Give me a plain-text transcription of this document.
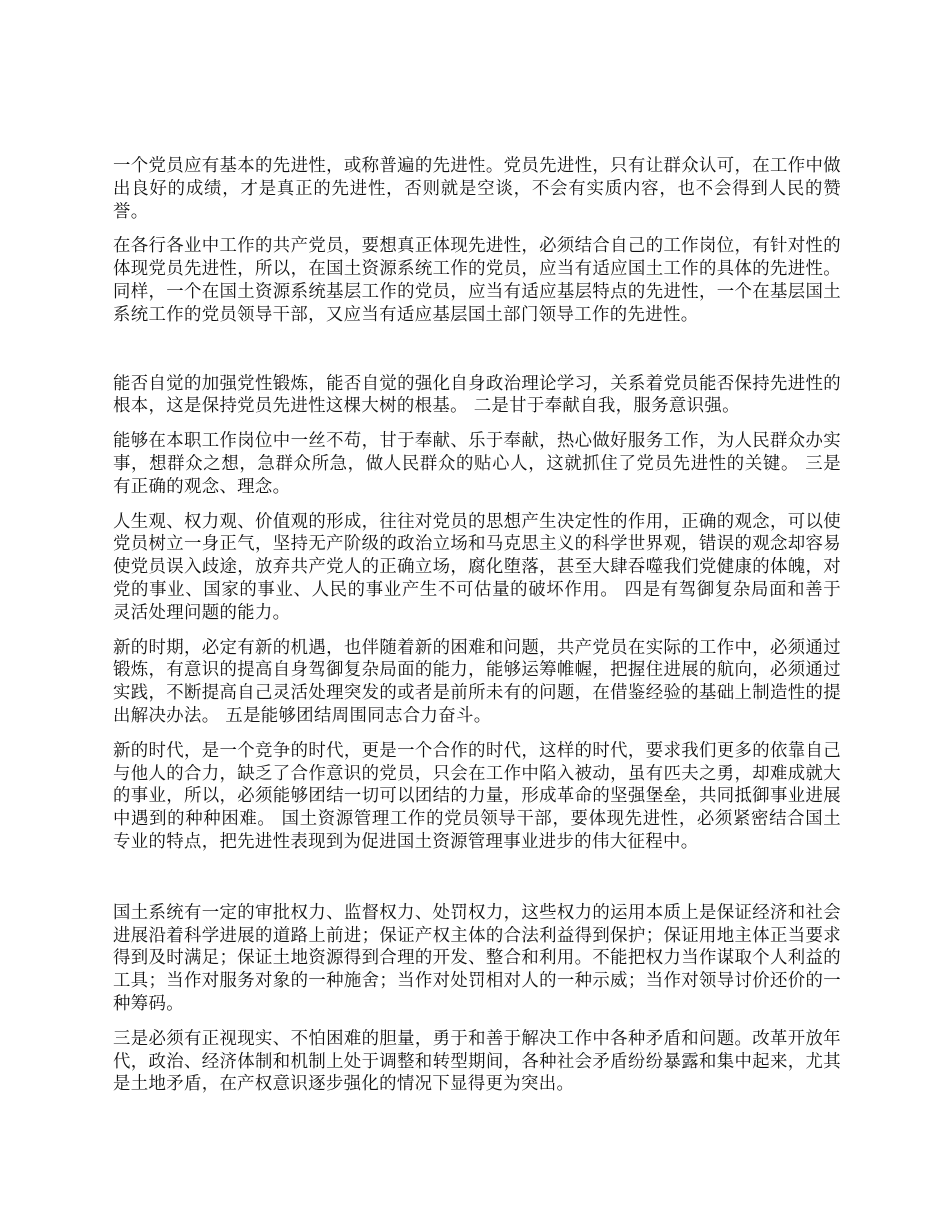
一个党员应有基本的先进性，或称普遍的先进性。党员先进性，只有让群众认可，在工作中做出良好的成绩，才是真正的先进性，否则就是空谈，不会有实质内容，也不会得到人民的赞誉。

在各行各业中工作的共产党员，要想真正体现先进性，必须结合自己的工作岗位，有针对性的体现党员先进性，所以，在国土资源系统工作的党员，应当有适应国土工作的具体的先进性。同样，一个在国土资源系统基层工作的党员，应当有适应基层特点的先进性，一个在基层国土系统工作的党员领导干部，又应当有适应基层国土部门领导工作的先进性。

能否自觉的加强党性锻炼，能否自觉的强化自身政治理论学习，关系着党员能否保持先进性的根本，这是保持党员先进性这棵大树的根基。 二是甘于奉献自我，服务意识强。

能够在本职工作岗位中一丝不苟，甘于奉献、乐于奉献，热心做好服务工作，为人民群众办实事，想群众之想，急群众所急，做人民群众的贴心人，这就抓住了党员先进性的关键。 三是有正确的观念、理念。

人生观、权力观、价值观的形成，往往对党员的思想产生决定性的作用，正确的观念，可以使党员树立一身正气，坚持无产阶级的政治立场和马克思主义的科学世界观，错误的观念却容易使党员误入歧途，放弃共产党人的正确立场，腐化堕落，甚至大肆吞噬我们党健康的体魄，对党的事业、国家的事业、人民的事业产生不可估量的破坏作用。 四是有驾御复杂局面和善于灵活处理问题的能力。

新的时期，必定有新的机遇，也伴随着新的困难和问题，共产党员在实际的工作中，必须通过锻炼，有意识的提高自身驾御复杂局面的能力，能够运筹帷幄，把握住进展的航向，必须通过实践，不断提高自己灵活处理突发的或者是前所未有的问题，在借鉴经验的基础上制造性的提出解决办法。 五是能够团结周围同志合力奋斗。

新的时代，是一个竞争的时代，更是一个合作的时代，这样的时代，要求我们更多的依靠自己与他人的合力，缺乏了合作意识的党员，只会在工作中陷入被动，虽有匹夫之勇，却难成就大的事业，所以，必须能够团结一切可以团结的力量，形成革命的坚强堡垒，共同抵御事业进展中遇到的种种困难。 国土资源管理工作的党员领导干部，要体现先进性，必须紧密结合国土专业的特点，把先进性表现到为促进国土资源管理事业进步的伟大征程中。

国土系统有一定的审批权力、监督权力、处罚权力，这些权力的运用本质上是保证经济和社会进展沿着科学进展的道路上前进；保证产权主体的合法利益得到保护；保证用地主体正当要求得到及时满足；保证土地资源得到合理的开发、整合和利用。不能把权力当作谋取个人利益的工具；当作对服务对象的一种施舍；当作对处罚相对人的一种示威；当作对领导讨价还价的一种筹码。

三是必须有正视现实、不怕困难的胆量，勇于和善于解决工作中各种矛盾和问题。改革开放年代，政治、经济体制和机制上处于调整和转型期间，各种社会矛盾纷纷暴露和集中起来，尤其是土地矛盾，在产权意识逐步强化的情况下显得更为突出。
